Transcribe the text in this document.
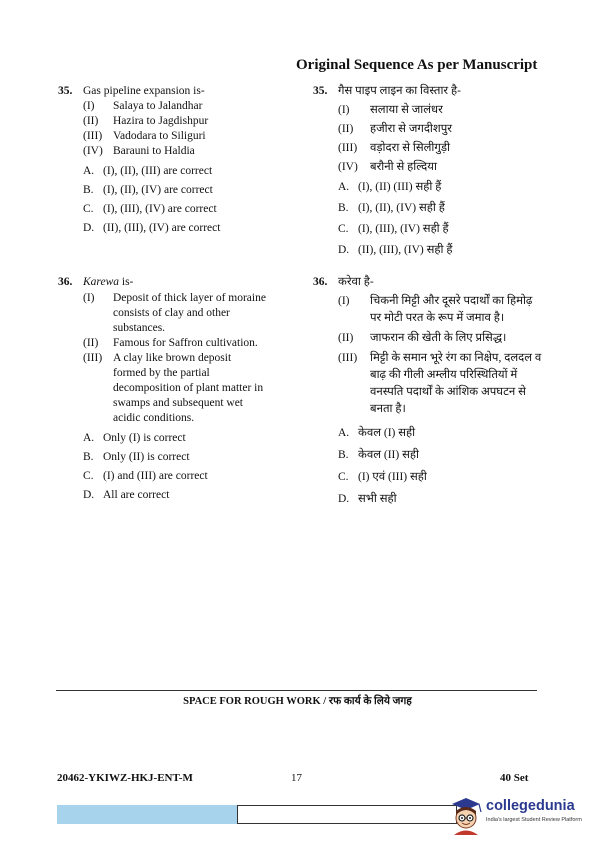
Original Sequence As per Manuscript
35. Gas pipeline expansion is-
(I)	Salaya to Jalandhar
(II)	Hazira to Jagdishpur
(III) Vadodara to Siliguri
(IV) Barauni to Haldia
A. (I), (II), (III) are correct
B. (I), (II), (IV) are correct
C. (I), (III), (IV) are correct
D. (II), (III), (IV) are correct
35. गैस पाइप लाइन का विस्तार है-
(I)	सलाया से जालंधर
(II)	हजीरा से जगदीशपुर
(III)	वड़ोदरा से सिलीगुड़ी
(IV)	बरौनी से हल्दिया
A. (I), (II) (III) सही हैं
B. (I), (II), (IV) सही हैं
C. (I), (III), (IV) सही हैं
D. (II), (III), (IV) सही हैं
36. Karewa is-
(I)	Deposit of thick layer of moraine
consists of clay and other
substances.
(II)	Famous for Saffron cultivation.
(III) A clay like brown deposit
formed by the partial
decomposition of plant matter in
swamps and subsequent wet
acidic conditions.
A. Only (I) is correct
B. Only (II) is correct
C. (I) and (III) are correct
D. All are correct
36. करेवा है-
(I)	चिकनी मिट्टी और दूसरे पदार्थों का हिमोढ़
पर मोटी परत के रूप में जमाव है।
(II)	जाफरान की खेती के लिए प्रसिद्ध।
(III)	मिट्टी के समान भूरे रंग का निक्षेप, दलदल व
बाढ़ की गीली अम्लीय परिस्थितियों में
वनस्पति पदार्थों के आंशिक अपघटन से
बनता है।
A. केवल (I) सही
B. केवल (II) सही
C. (I) एवं (III) सही
D. सभी सही
SPACE FOR ROUGH WORK / रफ कार्य के लिये जगह
20462-YKIWZ-HKJ-ENT-M	17	40 Set
collegedunia
India's largest Student Review Platform
